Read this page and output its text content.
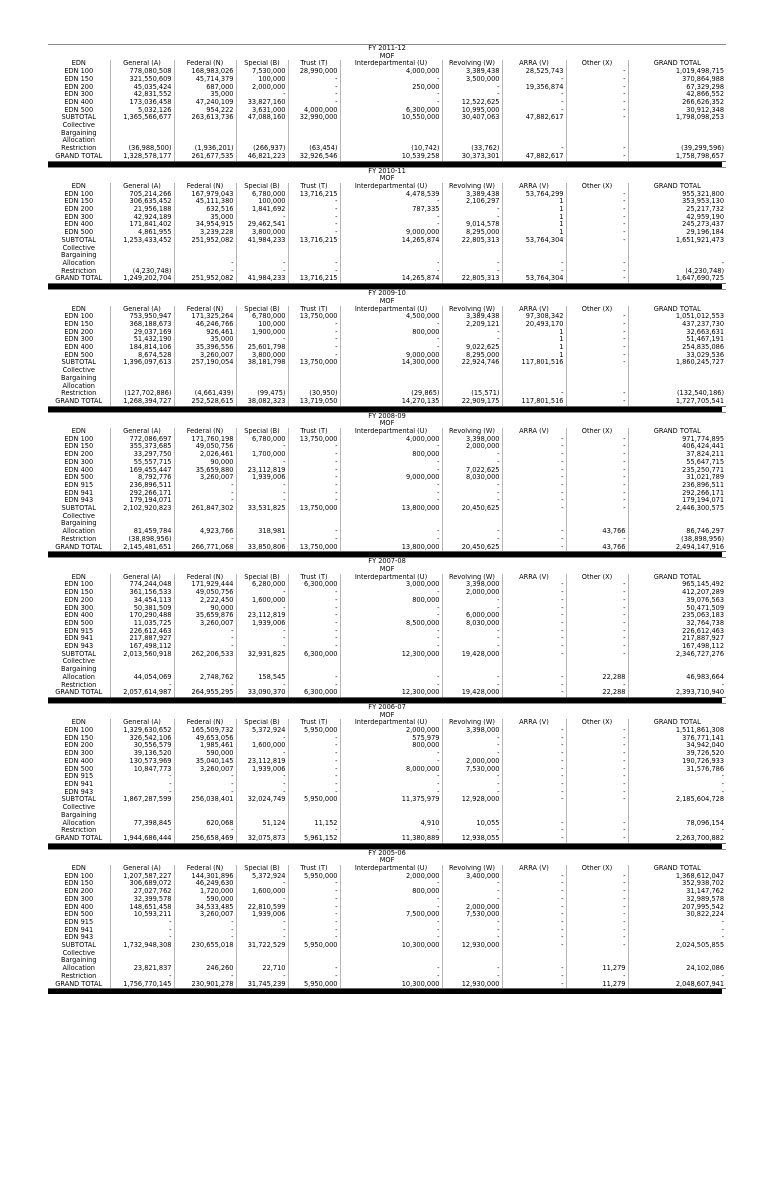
FY 2011-12									
MOF									
EDN	General (A)	Federal (N)	Special (B)	Trust (T)	Interdepartmental (U)	Revolving (W)	ARRA (V)	Other (X)	GRAND TOTAL
EDN 100	778,080,508	168,983,026	7,530,000	28,990,000	4,000,000	3,389,438	28,525,743	-	1,019,498,715
EDN 150	321,550,609	45,714,379	100,000	-	-	3,500,000	-	-	370,864,988
EDN 200	45,035,424	687,000	2,000,000	-	250,000	-	19,356,874	-	67,329,298
EDN 300	42,831,552	35,000	-	-	-	-	-	-	42,866,552
EDN 400	173,036,458	47,240,109	33,827,160	-	-	12,522,625	-	-	266,626,352
EDN 500	5,032,126	954,222	3,631,000	4,000,000	6,300,000	10,995,000	-	-	30,912,348
SUBTOTAL	1,365,566,677	263,613,736	47,088,160	32,990,000	10,550,000	30,407,063	47,882,617	-	1,798,098,253
Collective Bargaining Allocation									
Restriction	(36,988,500)	(1,936,201)	(266,937)	(63,454)	(10,742)	(33,762)	-	-	(39,299,596)
GRAND TOTAL	1,328,578,177	261,677,535	46,821,223	32,926,546	10,539,258	30,373,301	47,882,617	-	1,758,798,657
FY 2010-11									
MOF									
EDN	General (A)	Federal (N)	Special (B)	Trust (T)	Interdepartmental (U)	Revolving (W)	ARRA (V)	Other (X)	GRAND TOTAL
EDN 100	705,214,266	167,979,043	6,780,000	13,716,215	4,478,539	3,389,438	53,764,299	-	955,321,800
EDN 150	306,635,452	45,111,380	100,000	-	-	2,106,297	1	-	353,953,130
EDN 200	21,956,188	632,516	1,841,692	-	787,335	-	1	-	25,217,732
EDN 300	42,924,189	35,000	-	-	-	-	1	-	42,959,190
EDN 400	171,841,402	34,954,915	29,462,541	-	-	9,014,578	1	-	245,273,437
EDN 500	4,861,955	3,239,228	3,800,000	-	9,000,000	8,295,000	1	-	29,196,184
SUBTOTAL	1,253,433,452	251,952,082	41,984,233	13,716,215	14,265,874	22,805,313	53,764,304	-	1,651,921,473
Collective Bargaining Allocation		-	-	-	-	-	-	-	-
Restriction	(4,230,748)	-	-	-	-	-	-	-	(4,230,748)
GRAND TOTAL	1,249,202,704	251,952,082	41,984,233	13,716,215	14,265,874	22,805,313	53,764,304	-	1,647,690,725
FY 2009-10									
MOF									
EDN	General (A)	Federal (N)	Special (B)	Trust (T)	Interdepartmental (U)	Revolving (W)	ARRA (V)	Other (X)	GRAND TOTAL
EDN 100	753,950,947	171,325,264	6,780,000	13,750,000	4,500,000	3,389,438	97,308,342	-	1,051,012,553
EDN 150	368,188,673	46,246,766	100,000	-	-	2,209,121	20,493,170	-	437,237,730
EDN 200	29,037,169	926,461	1,900,000	-	800,000	-	1	-	32,663,631
EDN 300	51,432,190	35,000	-	-	-	-	1	-	51,467,191
EDN 400	184,814,106	35,396,556	25,601,798	-	-	9,022,625	1	-	254,835,086
EDN 500	8,674,528	3,260,007	3,800,000	-	9,000,000	8,295,000	1	-	33,029,536
SUBTOTAL	1,396,097,613	257,190,054	38,181,798	13,750,000	14,300,000	22,924,746	117,801,516	-	1,860,245,727
Collective Bargaining Allocation									
Restriction	(127,702,886)	(4,661,439)	(99,475)	(30,950)	(29,865)	(15,571)	-	-	(132,540,186)
GRAND TOTAL	1,268,394,727	252,528,615	38,082,323	13,719,050	14,270,135	22,909,175	117,801,516	-	1,727,705,541
FY 2008-09									
MOF									
EDN	General (A)	Federal (N)	Special (B)	Trust (T)	Interdepartmental (U)	Revolving (W)	ARRA (V)	Other (X)	GRAND TOTAL
EDN 100	772,086,697	171,760,198	6,780,000	13,750,000	4,000,000	3,398,000	-	-	971,774,895
EDN 150	355,373,685	49,050,756	-	-	-	2,000,000	-	-	406,424,441
EDN 200	33,297,750	2,026,461	1,700,000	-	800,000	-	-	-	37,824,211
EDN 300	55,557,715	90,000	-	-	-	-	-	-	55,647,715
EDN 400	169,455,447	35,659,880	23,112,819	-	-	7,022,625	-	-	235,250,771
EDN 500	8,792,776	3,260,007	1,939,006	-	9,000,000	8,030,000	-	-	31,021,789
EDN 915	236,896,511	-	-	-	-	-	-	-	236,896,511
EDN 941	292,266,171	-	-	-	-	-	-	-	292,266,171
EDN 943	179,194,071	-	-	-	-	-	-	-	179,194,071
SUBTOTAL	2,102,920,823	261,847,302	33,531,825	13,750,000	13,800,000	20,450,625	-	-	2,446,300,575
Collective Bargaining Allocation	81,459,784	4,923,766	318,981	-	-	-	-	43,766	86,746,297
Restriction	(38,898,956)	-	-	-	-	-	-	-	(38,898,956)
GRAND TOTAL	2,145,481,651	266,771,068	33,850,806	13,750,000	13,800,000	20,450,625	-	43,766	2,494,147,916
FY 2007-08									
MOF									
EDN	General (A)	Federal (N)	Special (B)	Trust (T)	Interdepartmental (U)	Revolving (W)	ARRA (V)	Other (X)	GRAND TOTAL
EDN 100	774,244,048	171,929,444	6,280,000	6,300,000	3,000,000	3,398,000	-	-	965,145,492
EDN 150	361,156,533	49,050,756	-	-	-	2,000,000	-	-	412,207,289
EDN 200	34,454,113	2,222,450	1,600,000	-	800,000	-	-	-	39,076,563
EDN 300	50,381,509	90,000	-	-	-	-	-	-	50,471,509
EDN 400	170,290,488	35,659,876	23,112,819	-	-	6,000,000	-	-	235,063,183
EDN 500	11,035,725	3,260,007	1,939,006	-	8,500,000	8,030,000	-	-	32,764,738
EDN 915	226,612,463	-	-	-	-	-	-	-	226,612,463
EDN 941	217,887,927	-	-	-	-	-	-	-	217,887,927
EDN 943	167,498,112	-	-	-	-	-	-	-	167,498,112
SUBTOTAL	2,013,560,918	262,206,533	32,931,825	6,300,000	12,300,000	19,428,000	-	-	2,346,727,276
Collective Bargaining Allocation	44,054,069	2,748,762	158,545	-	-	-	-	22,288	46,983,664
Restriction	-	-	-	-	-	-	-	-	-
GRAND TOTAL	2,057,614,987	264,955,295	33,090,370	6,300,000	12,300,000	19,428,000	-	22,288	2,393,710,940
FY 2006-07									
MOF									
EDN	General (A)	Federal (N)	Special (B)	Trust (T)	Interdepartmental (U)	Revolving (W)	ARRA (V)	Other (X)	GRAND TOTAL
EDN 100	1,329,630,652	165,509,732	5,372,924	5,950,000	2,000,000	3,398,000	-	-	1,511,861,308
EDN 150	326,542,106	49,653,056	-	-	575,979	-	-	-	376,771,141
EDN 200	30,556,579	1,985,461	1,600,000	-	800,000	-	-	-	34,942,040
EDN 300	39,136,520	590,000	-	-	-	-	-	-	39,726,520
EDN 400	130,573,969	35,040,145	23,112,819	-	-	2,000,000	-	-	190,726,933
EDN 500	10,847,773	3,260,007	1,939,006	-	8,000,000	7,530,000	-	-	31,576,786
EDN 915	-	-	-	-	-	-	-	-	-
EDN 941	-	-	-	-	-	-	-	-	-
EDN 943	-	-	-	-	-	-	-	-	-
SUBTOTAL	1,867,287,599	256,038,401	32,024,749	5,950,000	11,375,979	12,928,000	-	-	2,185,604,728
Collective Bargaining Allocation	77,398,845	620,068	51,124	11,152	4,910	10,055	-	-	78,096,154
Restriction	-	-	-	-	-	-	-	-	-
GRAND TOTAL	1,944,686,444	256,658,469	32,075,873	5,961,152	11,380,889	12,938,055	-	-	2,263,700,882
FY 2005-06									
MOF									
EDN	General (A)	Federal (N)	Special (B)	Trust (T)	Interdepartmental (U)	Revolving (W)	ARRA (V)	Other (X)	GRAND TOTAL
EDN 100	1,207,587,227	144,301,896	5,372,924	5,950,000	2,000,000	3,400,000	-	-	1,368,612,047
EDN 150	306,689,072	46,249,630	-	-	-	-	-	-	352,938,702
EDN 200	27,027,762	1,720,000	1,600,000	-	800,000	-	-	-	31,147,762
EDN 300	32,399,578	590,000	-	-	-	-	-	-	32,989,578
EDN 400	148,651,458	34,533,485	22,810,599	-	-	2,000,000	-	-	207,995,542
EDN 500	10,593,211	3,260,007	1,939,006	-	7,500,000	7,530,000	-	-	30,822,224
EDN 915	-	-	-	-	-	-	-	-	-
EDN 941	-	-	-	-	-	-	-	-	-
EDN 943	-	-	-	-	-	-	-	-	-
SUBTOTAL	1,732,948,308	230,655,018	31,722,529	5,950,000	10,300,000	12,930,000	-	-	2,024,505,855
Collective Bargaining Allocation	23,821,837	246,260	22,710	-	-	-	-	11,279	24,102,086
Restriction	-	-	-	-	-	-	-	-	-
GRAND TOTAL	1,756,770,145	230,901,278	31,745,239	5,950,000	10,300,000	12,930,000	-	11,279	2,048,607,941
